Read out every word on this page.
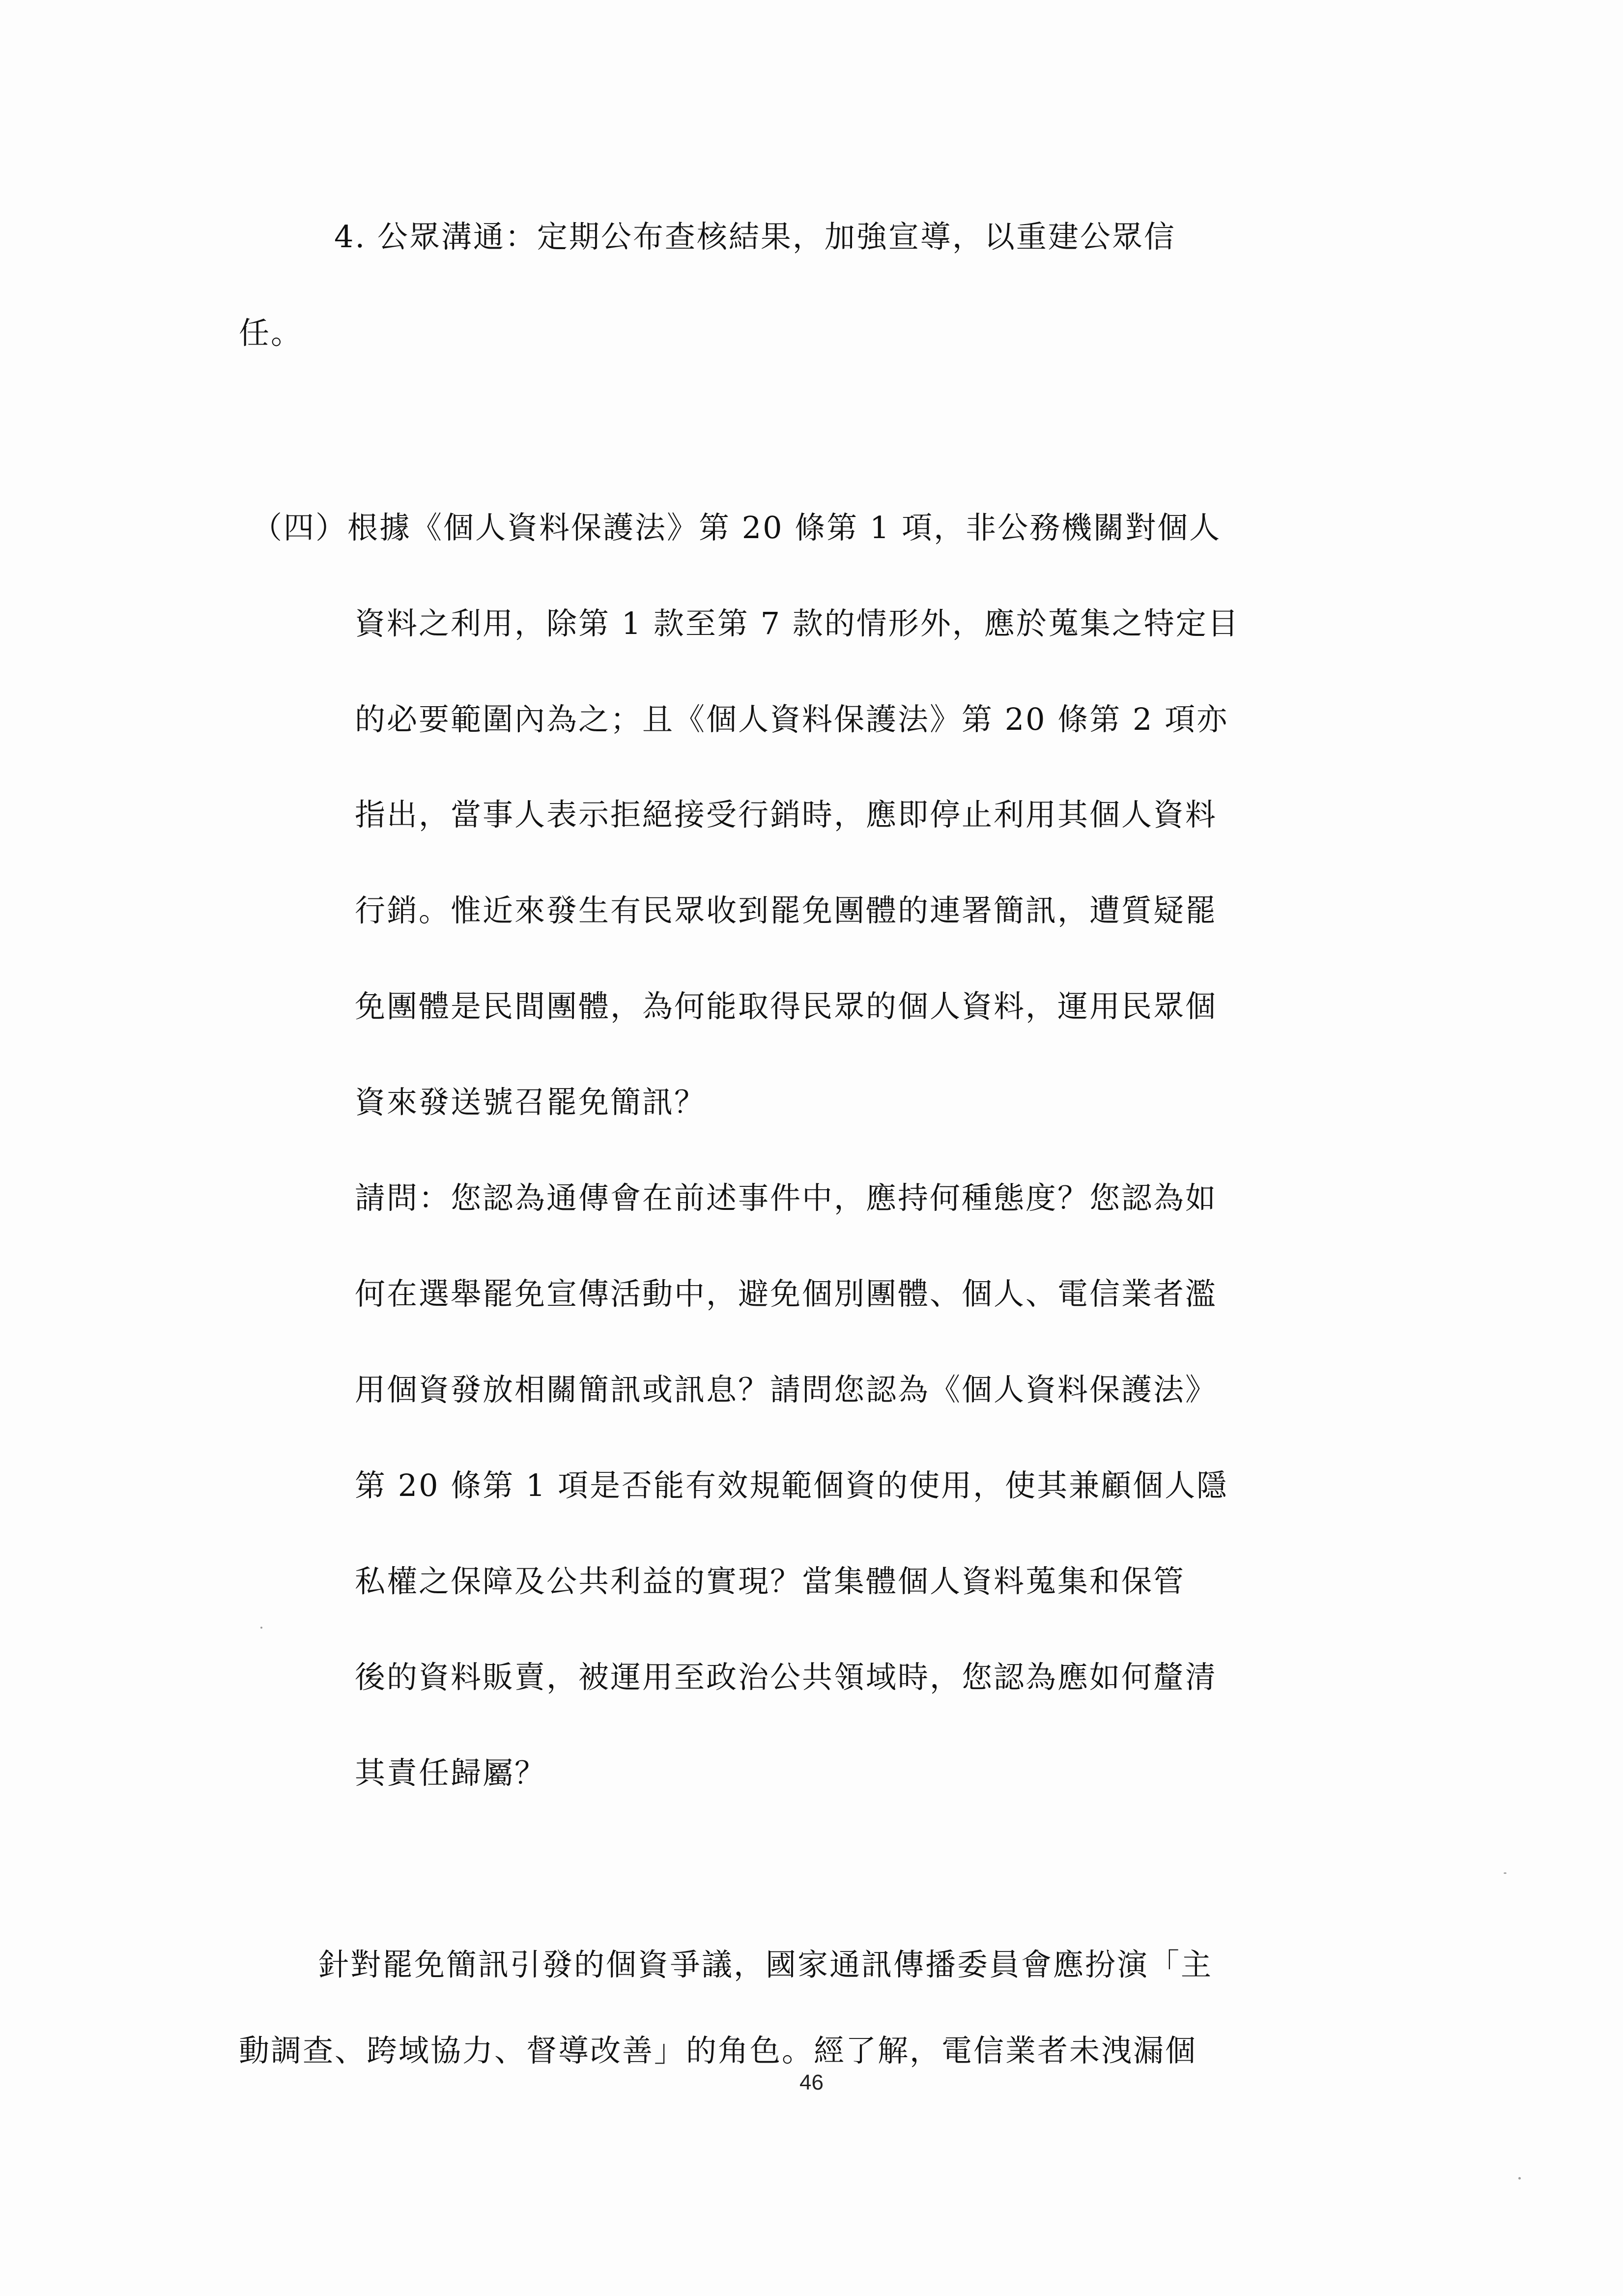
4. 公眾溝通：定期公布查核結果，加強宣導，以重建公眾信
任。
（四）根據《個人資料保護法》第 20 條第 1 項，非公務機關對個人
資料之利用，除第 1 款至第 7 款的情形外，應於蒐集之特定目
的必要範圍內為之；且《個人資料保護法》第 20 條第 2 項亦
指出，當事人表示拒絕接受行銷時，應即停止利用其個人資料
行銷。惟近來發生有民眾收到罷免團體的連署簡訊，遭質疑罷
免團體是民間團體，為何能取得民眾的個人資料，運用民眾個
資來發送號召罷免簡訊？
請問：您認為通傳會在前述事件中，應持何種態度？您認為如
何在選舉罷免宣傳活動中，避免個別團體、個人、電信業者濫
用個資發放相關簡訊或訊息？請問您認為《個人資料保護法》
第 20 條第 1 項是否能有效規範個資的使用，使其兼顧個人隱
私權之保障及公共利益的實現？當集體個人資料蒐集和保管
後的資料販賣，被運用至政治公共領域時，您認為應如何釐清
其責任歸屬？
針對罷免簡訊引發的個資爭議，國家通訊傳播委員會應扮演「主
動調查、跨域協力、督導改善」的角色。經了解，電信業者未洩漏個
46
